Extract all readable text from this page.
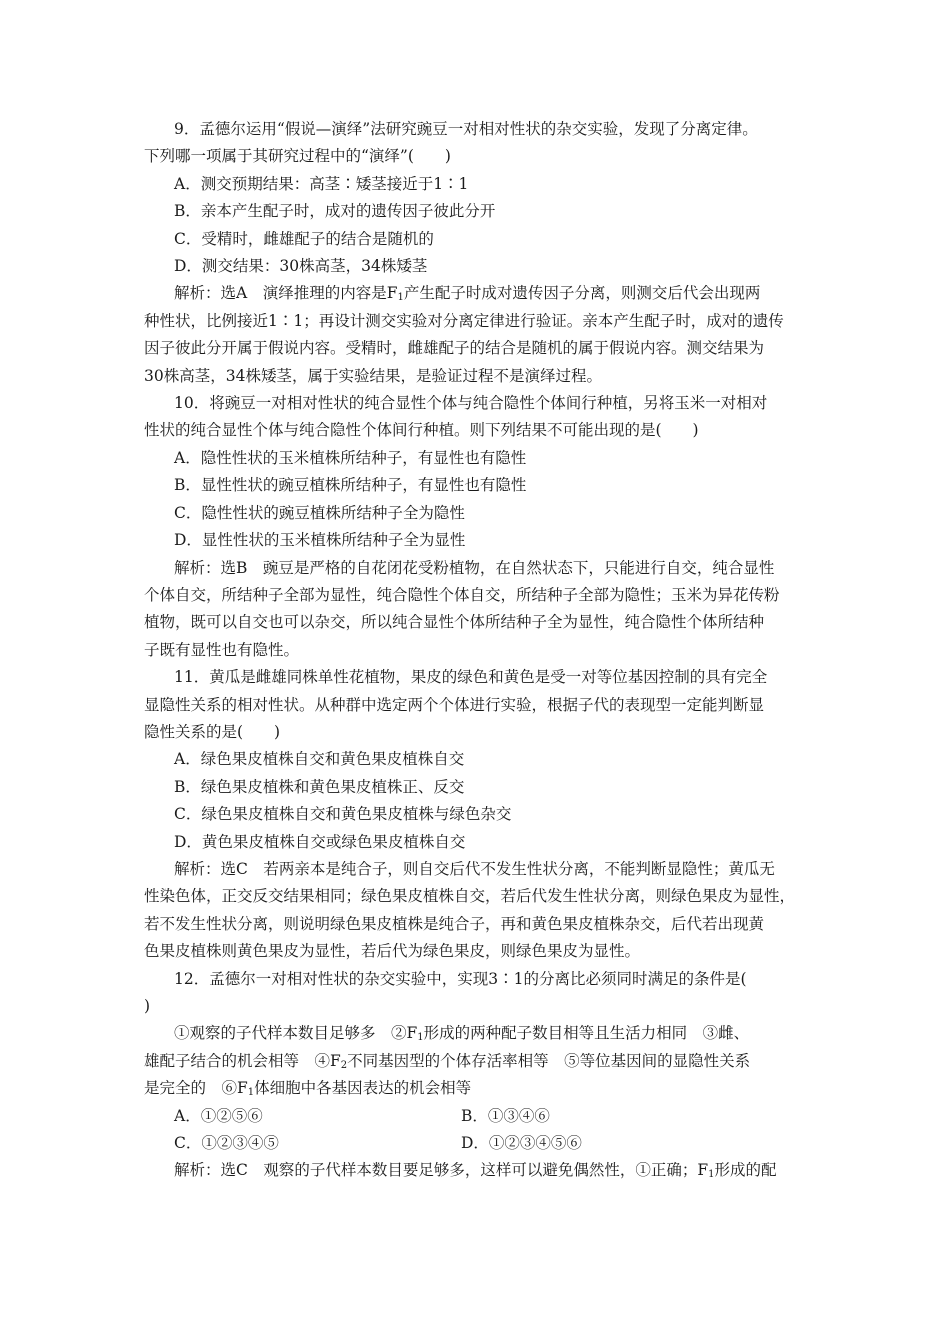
9．孟德尔运用“假说—演绎”法研究豌豆一对相对性状的杂交实验，发现了分离定律。

下列哪一项属于其研究过程中的“演绎”(　　)

A．测交预期结果：高茎∶矮茎接近于1∶1

B．亲本产生配子时，成对的遗传因子彼此分开

C．受精时，雌雄配子的结合是随机的

D．测交结果：30株高茎，34株矮茎

解析：选A　演绎推理的内容是$F_1$产生配子时成对遗传因子分离，则测交后代会出现两

种性状，比例接近1∶1；再设计测交实验对分离定律进行验证。亲本产生配子时，成对的遗传

因子彼此分开属于假说内容。受精时，雌雄配子的结合是随机的属于假说内容。测交结果为

30株高茎，34株矮茎，属于实验结果，是验证过程不是演绎过程。

10．将豌豆一对相对性状的纯合显性个体与纯合隐性个体间行种植，另将玉米一对相对

性状的纯合显性个体与纯合隐性个体间行种植。则下列结果不可能出现的是(　　)

A．隐性性状的玉米植株所结种子，有显性也有隐性

B．显性性状的豌豆植株所结种子，有显性也有隐性

C．隐性性状的豌豆植株所结种子全为隐性

D．显性性状的玉米植株所结种子全为显性

解析：选B　豌豆是严格的自花闭花受粉植物，在自然状态下，只能进行自交，纯合显性

个体自交，所结种子全部为显性，纯合隐性个体自交，所结种子全部为隐性；玉米为异花传粉

植物，既可以自交也可以杂交，所以纯合显性个体所结种子全为显性，纯合隐性个体所结种

子既有显性也有隐性。

11．黄瓜是雌雄同株单性花植物，果皮的绿色和黄色是受一对等位基因控制的具有完全

显隐性关系的相对性状。从种群中选定两个个体进行实验，根据子代的表现型一定能判断显

隐性关系的是(　　)

A．绿色果皮植株自交和黄色果皮植株自交

B．绿色果皮植株和黄色果皮植株正、反交

C．绿色果皮植株自交和黄色果皮植株与绿色杂交

D．黄色果皮植株自交或绿色果皮植株自交

解析：选C　若两亲本是纯合子，则自交后代不发生性状分离，不能判断显隐性；黄瓜无

性染色体，正交反交结果相同；绿色果皮植株自交，若后代发生性状分离，则绿色果皮为显性，

若不发生性状分离，则说明绿色果皮植株是纯合子，再和黄色果皮植株杂交，后代若出现黄

色果皮植株则黄色果皮为显性，若后代为绿色果皮，则绿色果皮为显性。

12．孟德尔一对相对性状的杂交实验中，实现3∶1的分离比必须同时满足的条件是(

)

①观察的子代样本数目足够多　$②F_1$形成的两种配子数目相等且生活力相同　③雌、

雄配子结合的机会相等　$④F_2$不同基因型的个体存活率相等　⑤等位基因间的显隐性关系

是完全的　$⑥F_1$体细胞中各基因表达的机会相等

A．①②⑤⑥	B．①③④⑥
C．①②③④⑤	D．①②③④⑤⑥

解析：选C　观察的子代样本数目要足够多，这样可以避免偶然性，①正确；$F_1$形成的配
